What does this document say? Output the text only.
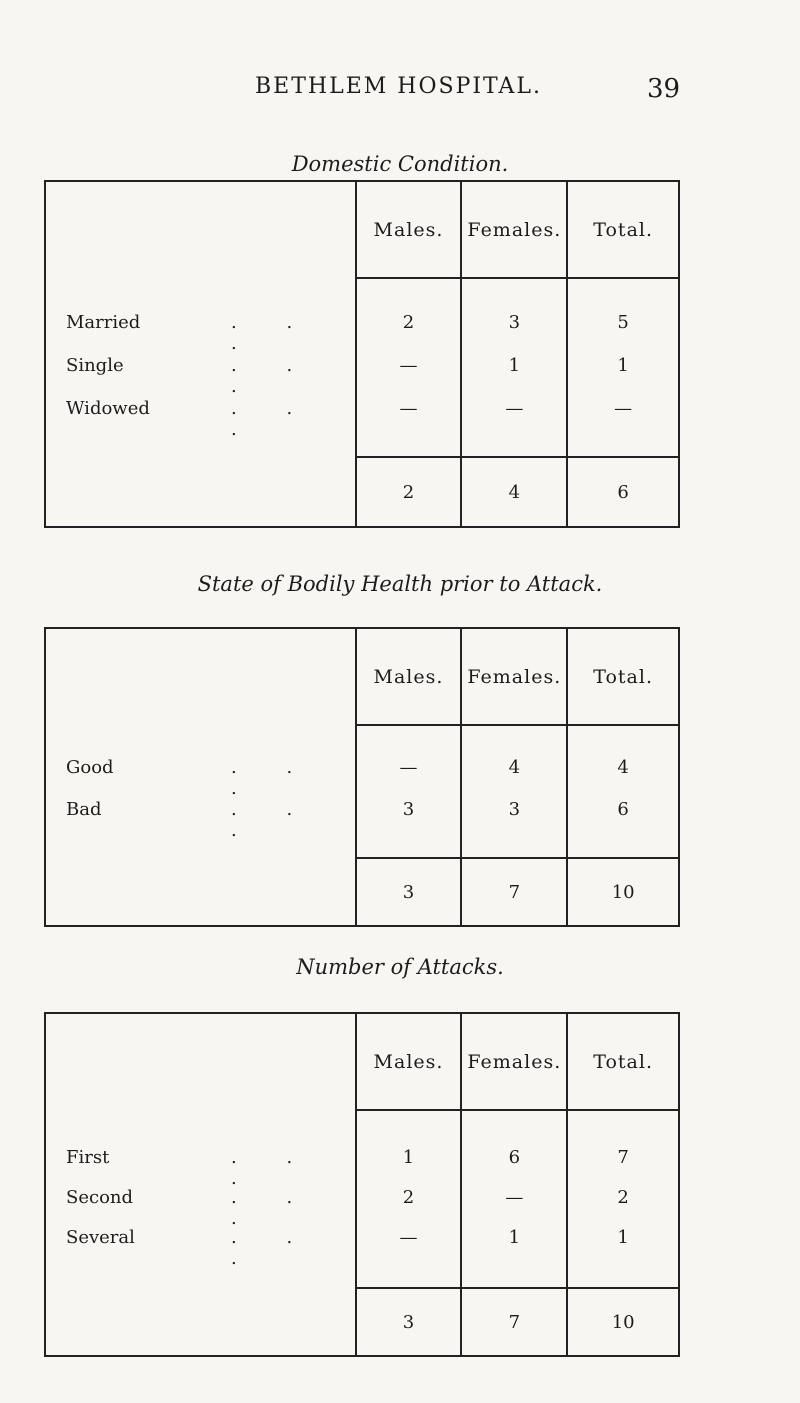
BETHLEM HOSPITAL.	39
Domestic Condition.
	Males.	Females.	Total.
Married . . .	2	3	5
Single . . .	—	1	1
Widowed . . .	—	—	—

	2	4	6
State of Bodily Health prior to Attack.
	Males.	Females.	Total.
Good . . .	—	4	4
Bad . . .	3	3	6

	3	7	10
Number of Attacks.
	Males.	Females.	Total.
First . . .	1	6	7
Second . . .	2	—	2
Several . . .	—	1	1

	3	7	10
